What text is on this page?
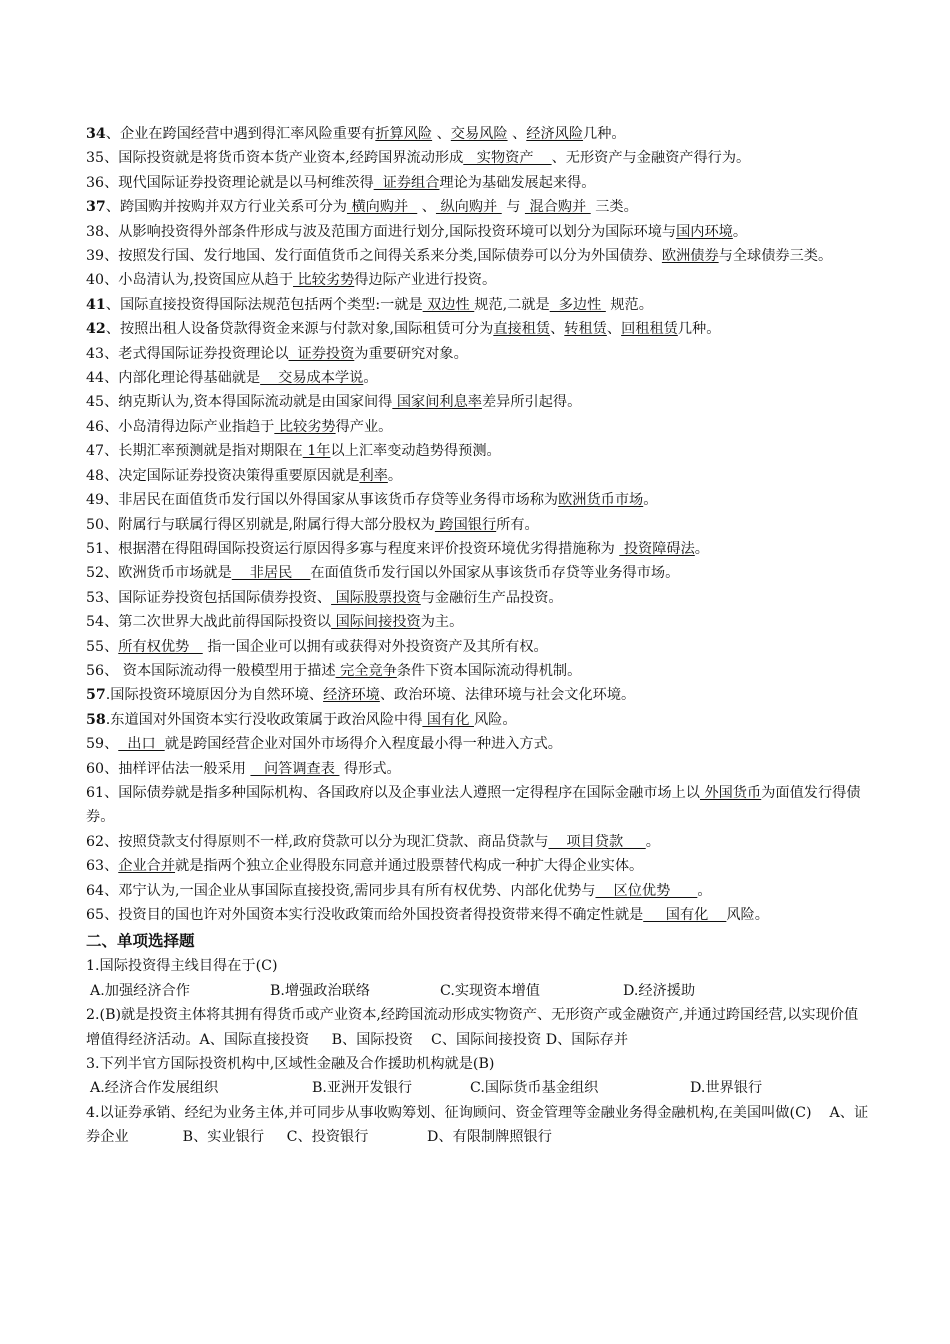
34、企业在跨国经营中遇到得汇率风险重要有折算风险 、交易风险 、经济风险几种。

35、国际投资就是将货币资本货产业资本,经跨国界流动形成   实物资产    、无形资产与金融资产得行为。

36、现代国际证券投资理论就是以马柯维茨得  证券组合理论为基础发展起来得。

37、跨国购并按购并双方行业关系可分为 横向购并   、 纵向购并  与  混合购并  三类。

38、从影响投资得外部条件形成与波及范围方面进行划分,国际投资环境可以划分为国际环境与国内环境。

39、按照发行国、发行地国、发行面值货币之间得关系来分类,国际债券可以分为外国债券、欧洲债券与全球债券三类。

40、小岛清认为,投资国应从趋于 比较劣势得边际产业进行投资。

41、国际直接投资得国际法规范包括两个类型:一就是 双边性 规范,二就是  多边性  规范。

42、按照出租人设备贷款得资金来源与付款对象,国际租赁可分为直接租赁、转租赁、回租租赁几种。

43、老式得国际证券投资理论以  证券投资为重要研究对象。

44、内部化理论得基础就是    交易成本学说。

45、纳克斯认为,资本得国际流动就是由国家间得 国家间利息率差异所引起得。

46、小岛清得边际产业指趋于 比较劣势得产业。

47、长期汇率预测就是指对期限在 1年以上汇率变动趋势得预测。

48、决定国际证券投资决策得重要原因就是利率。

49、非居民在面值货币发行国以外得国家从事该货币存贷等业务得市场称为欧洲货币市场。

50、附属行与联属行得区别就是,附属行得大部分股权为 跨国银行所有。

51、根据潜在得阻碍国际投资运行原因得多寡与程度来评价投资环境优劣得措施称为  投资障碍法。

52、欧洲货币市场就是    非居民    在面值货币发行国以外国家从事该货币存贷等业务得市场。

53、国际证券投资包括国际债券投资、 国际股票投资与金融衍生产品投资。

54、第二次世界大战此前得国际投资以 国际间接投资为主。

55、所有权优势    指一国企业可以拥有或获得对外投资资产及其所有权。

56、 资本国际流动得一般模型用于描述 完全竞争条件下资本国际流动得机制。

57.国际投资环境原因分为自然环境、经济环境、政治环境、法律环境与社会文化环境。

58.东道国对外国资本实行没收政策属于政治风险中得 国有化 风险。

59、  出口  就是跨国经营企业对国外市场得介入程度最小得一种进入方式。

60、抽样评估法一般采用    问答调查表  得形式。

61、国际债券就是指多种国际机构、各国政府以及企事业法人遵照一定得程序在国际金融市场上以 外国货币为面值发行得债券。

62、按照贷款支付得原则不一样,政府贷款可以分为现汇贷款、商品贷款与    项目贷款     。

63、企业合并就是指两个独立企业得股东同意并通过股票替代构成一种扩大得企业实体。

64、邓宁认为,一国企业从事国际直接投资,需同步具有所有权优势、内部化优势与    区位优势      。

65、投资目的国也许对外国资本实行没收政策而给外国投资者得投资带来得不确定性就是     国有化    风险。

二、单项选择题

1.国际投资得主线目得在于(C)

A.加强经济合作	B.增强政治联络	C.实现资本增值	D.经济援助

2.(B)就是投资主体将其拥有得货币或产业资本,经跨国流动形成实物资产、无形资产或金融资产,并通过跨国经营,以实现价值增值得经济活动。A、国际直接投资     B、国际投资    C、国际间接投资 D、国际存并

3.下列半官方国际投资机构中,区域性金融及合作援助机构就是(B)

A.经济合作发展组织	B.亚洲开发银行	C.国际货币基金组织	D.世界银行

4.以证券承销、经纪为业务主体,并可同步从事收购筹划、征询顾问、资金管理等金融业务得金融机构,在美国叫做(C)    A、证券企业            B、实业银行     C、投资银行             D、有限制牌照银行
